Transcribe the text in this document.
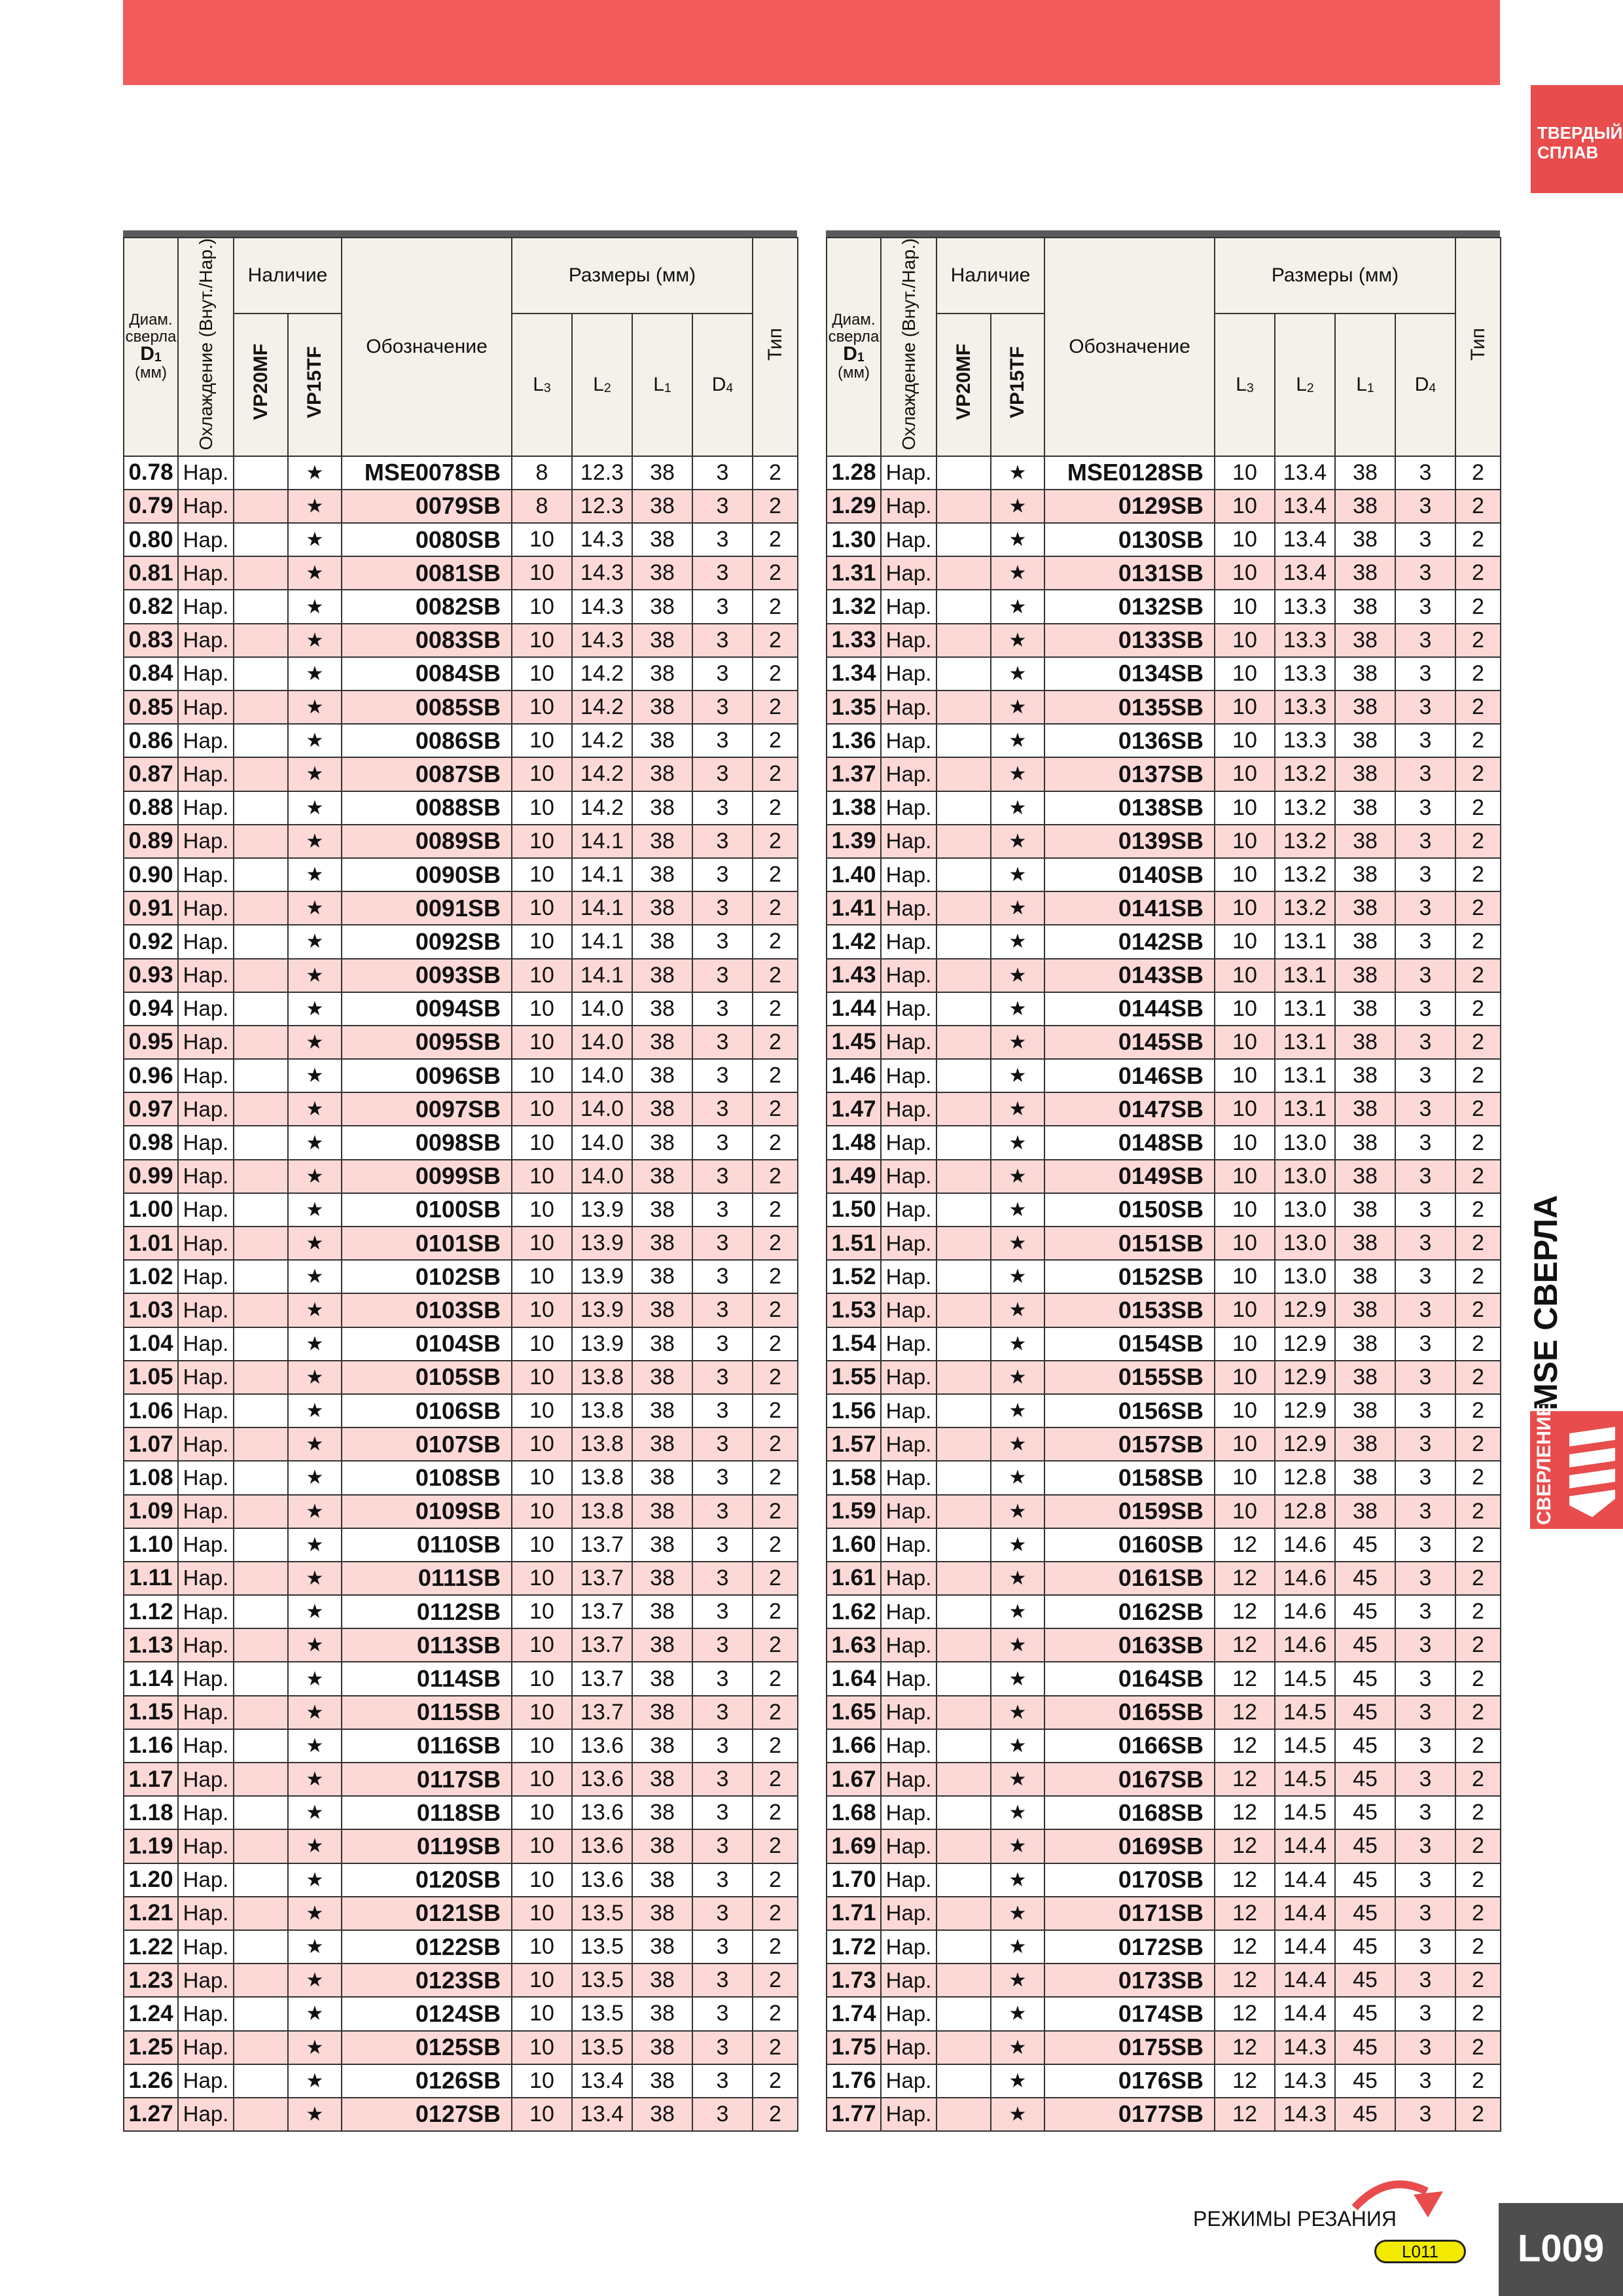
ТВЕРДЫЙ
СПЛАВ
MSE СВЕРЛА
СВЕРЛЕНИЕ
Диам. сверла
$D_1$
(мм)	Охлаждение (Внут./Нар.)	Наличие		Обозначение	Размеры (мм)				Тип
		VP20MF	VP15TF		$L_3$	$L_2$	$L_1$	$D_4$
0.78	Нар.		★	MSE0078SB	8	12.3	38	3	2
0.79	Нар.		★	0079SB	8	12.3	38	3	2
0.80	Нар.		★	0080SB	10	14.3	38	3	2
0.81	Нар.		★	0081SB	10	14.3	38	3	2
0.82	Нар.		★	0082SB	10	14.3	38	3	2
0.83	Нар.		★	0083SB	10	14.3	38	3	2
0.84	Нар.		★	0084SB	10	14.2	38	3	2
0.85	Нар.		★	0085SB	10	14.2	38	3	2
0.86	Нар.		★	0086SB	10	14.2	38	3	2
0.87	Нар.		★	0087SB	10	14.2	38	3	2
0.88	Нар.		★	0088SB	10	14.2	38	3	2
0.89	Нар.		★	0089SB	10	14.1	38	3	2
0.90	Нар.		★	0090SB	10	14.1	38	3	2
0.91	Нар.		★	0091SB	10	14.1	38	3	2
0.92	Нар.		★	0092SB	10	14.1	38	3	2
0.93	Нар.		★	0093SB	10	14.1	38	3	2
0.94	Нар.		★	0094SB	10	14.0	38	3	2
0.95	Нар.		★	0095SB	10	14.0	38	3	2
0.96	Нар.		★	0096SB	10	14.0	38	3	2
0.97	Нар.		★	0097SB	10	14.0	38	3	2
0.98	Нар.		★	0098SB	10	14.0	38	3	2
0.99	Нар.		★	0099SB	10	14.0	38	3	2
1.00	Нар.		★	0100SB	10	13.9	38	3	2
1.01	Нар.		★	0101SB	10	13.9	38	3	2
1.02	Нар.		★	0102SB	10	13.9	38	3	2
1.03	Нар.		★	0103SB	10	13.9	38	3	2
1.04	Нар.		★	0104SB	10	13.9	38	3	2
1.05	Нар.		★	0105SB	10	13.8	38	3	2
1.06	Нар.		★	0106SB	10	13.8	38	3	2
1.07	Нар.		★	0107SB	10	13.8	38	3	2
1.08	Нар.		★	0108SB	10	13.8	38	3	2
1.09	Нар.		★	0109SB	10	13.8	38	3	2
1.10	Нар.		★	0110SB	10	13.7	38	3	2
1.11	Нар.		★	0111SB	10	13.7	38	3	2
1.12	Нар.		★	0112SB	10	13.7	38	3	2
1.13	Нар.		★	0113SB	10	13.7	38	3	2
1.14	Нар.		★	0114SB	10	13.7	38	3	2
1.15	Нар.		★	0115SB	10	13.7	38	3	2
1.16	Нар.		★	0116SB	10	13.6	38	3	2
1.17	Нар.		★	0117SB	10	13.6	38	3	2
1.18	Нар.		★	0118SB	10	13.6	38	3	2
1.19	Нар.		★	0119SB	10	13.6	38	3	2
1.20	Нар.		★	0120SB	10	13.6	38	3	2
1.21	Нар.		★	0121SB	10	13.5	38	3	2
1.22	Нар.		★	0122SB	10	13.5	38	3	2
1.23	Нар.		★	0123SB	10	13.5	38	3	2
1.24	Нар.		★	0124SB	10	13.5	38	3	2
1.25	Нар.		★	0125SB	10	13.5	38	3	2
1.26	Нар.		★	0126SB	10	13.4	38	3	2
1.27	Нар.		★	0127SB	10	13.4	38	3	2
Диам. сверла
$D_1$
(мм)	Охлаждение (Внут./Нар.)	Наличие		Обозначение	Размеры (мм)				Тип
		VP20MF	VP15TF		$L_3$	$L_2$	$L_1$	$D_4$
1.28	Нар.		★	MSE0128SB	10	13.4	38	3	2
1.29	Нар.		★	0129SB	10	13.4	38	3	2
1.30	Нар.		★	0130SB	10	13.4	38	3	2
1.31	Нар.		★	0131SB	10	13.4	38	3	2
1.32	Нар.		★	0132SB	10	13.3	38	3	2
1.33	Нар.		★	0133SB	10	13.3	38	3	2
1.34	Нар.		★	0134SB	10	13.3	38	3	2
1.35	Нар.		★	0135SB	10	13.3	38	3	2
1.36	Нар.		★	0136SB	10	13.3	38	3	2
1.37	Нар.		★	0137SB	10	13.2	38	3	2
1.38	Нар.		★	0138SB	10	13.2	38	3	2
1.39	Нар.		★	0139SB	10	13.2	38	3	2
1.40	Нар.		★	0140SB	10	13.2	38	3	2
1.41	Нар.		★	0141SB	10	13.2	38	3	2
1.42	Нар.		★	0142SB	10	13.1	38	3	2
1.43	Нар.		★	0143SB	10	13.1	38	3	2
1.44	Нар.		★	0144SB	10	13.1	38	3	2
1.45	Нар.		★	0145SB	10	13.1	38	3	2
1.46	Нар.		★	0146SB	10	13.1	38	3	2
1.47	Нар.		★	0147SB	10	13.1	38	3	2
1.48	Нар.		★	0148SB	10	13.0	38	3	2
1.49	Нар.		★	0149SB	10	13.0	38	3	2
1.50	Нар.		★	0150SB	10	13.0	38	3	2
1.51	Нар.		★	0151SB	10	13.0	38	3	2
1.52	Нар.		★	0152SB	10	13.0	38	3	2
1.53	Нар.		★	0153SB	10	12.9	38	3	2
1.54	Нар.		★	0154SB	10	12.9	38	3	2
1.55	Нар.		★	0155SB	10	12.9	38	3	2
1.56	Нар.		★	0156SB	10	12.9	38	3	2
1.57	Нар.		★	0157SB	10	12.9	38	3	2
1.58	Нар.		★	0158SB	10	12.8	38	3	2
1.59	Нар.		★	0159SB	10	12.8	38	3	2
1.60	Нар.		★	0160SB	12	14.6	45	3	2
1.61	Нар.		★	0161SB	12	14.6	45	3	2
1.62	Нар.		★	0162SB	12	14.6	45	3	2
1.63	Нар.		★	0163SB	12	14.6	45	3	2
1.64	Нар.		★	0164SB	12	14.5	45	3	2
1.65	Нар.		★	0165SB	12	14.5	45	3	2
1.66	Нар.		★	0166SB	12	14.5	45	3	2
1.67	Нар.		★	0167SB	12	14.5	45	3	2
1.68	Нар.		★	0168SB	12	14.5	45	3	2
1.69	Нар.		★	0169SB	12	14.4	45	3	2
1.70	Нар.		★	0170SB	12	14.4	45	3	2
1.71	Нар.		★	0171SB	12	14.4	45	3	2
1.72	Нар.		★	0172SB	12	14.4	45	3	2
1.73	Нар.		★	0173SB	12	14.4	45	3	2
1.74	Нар.		★	0174SB	12	14.4	45	3	2
1.75	Нар.		★	0175SB	12	14.3	45	3	2
1.76	Нар.		★	0176SB	12	14.3	45	3	2
1.77	Нар.		★	0177SB	12	14.3	45	3	2
РЕЖИМЫ РЕЗАНИЯ
L011	L009
